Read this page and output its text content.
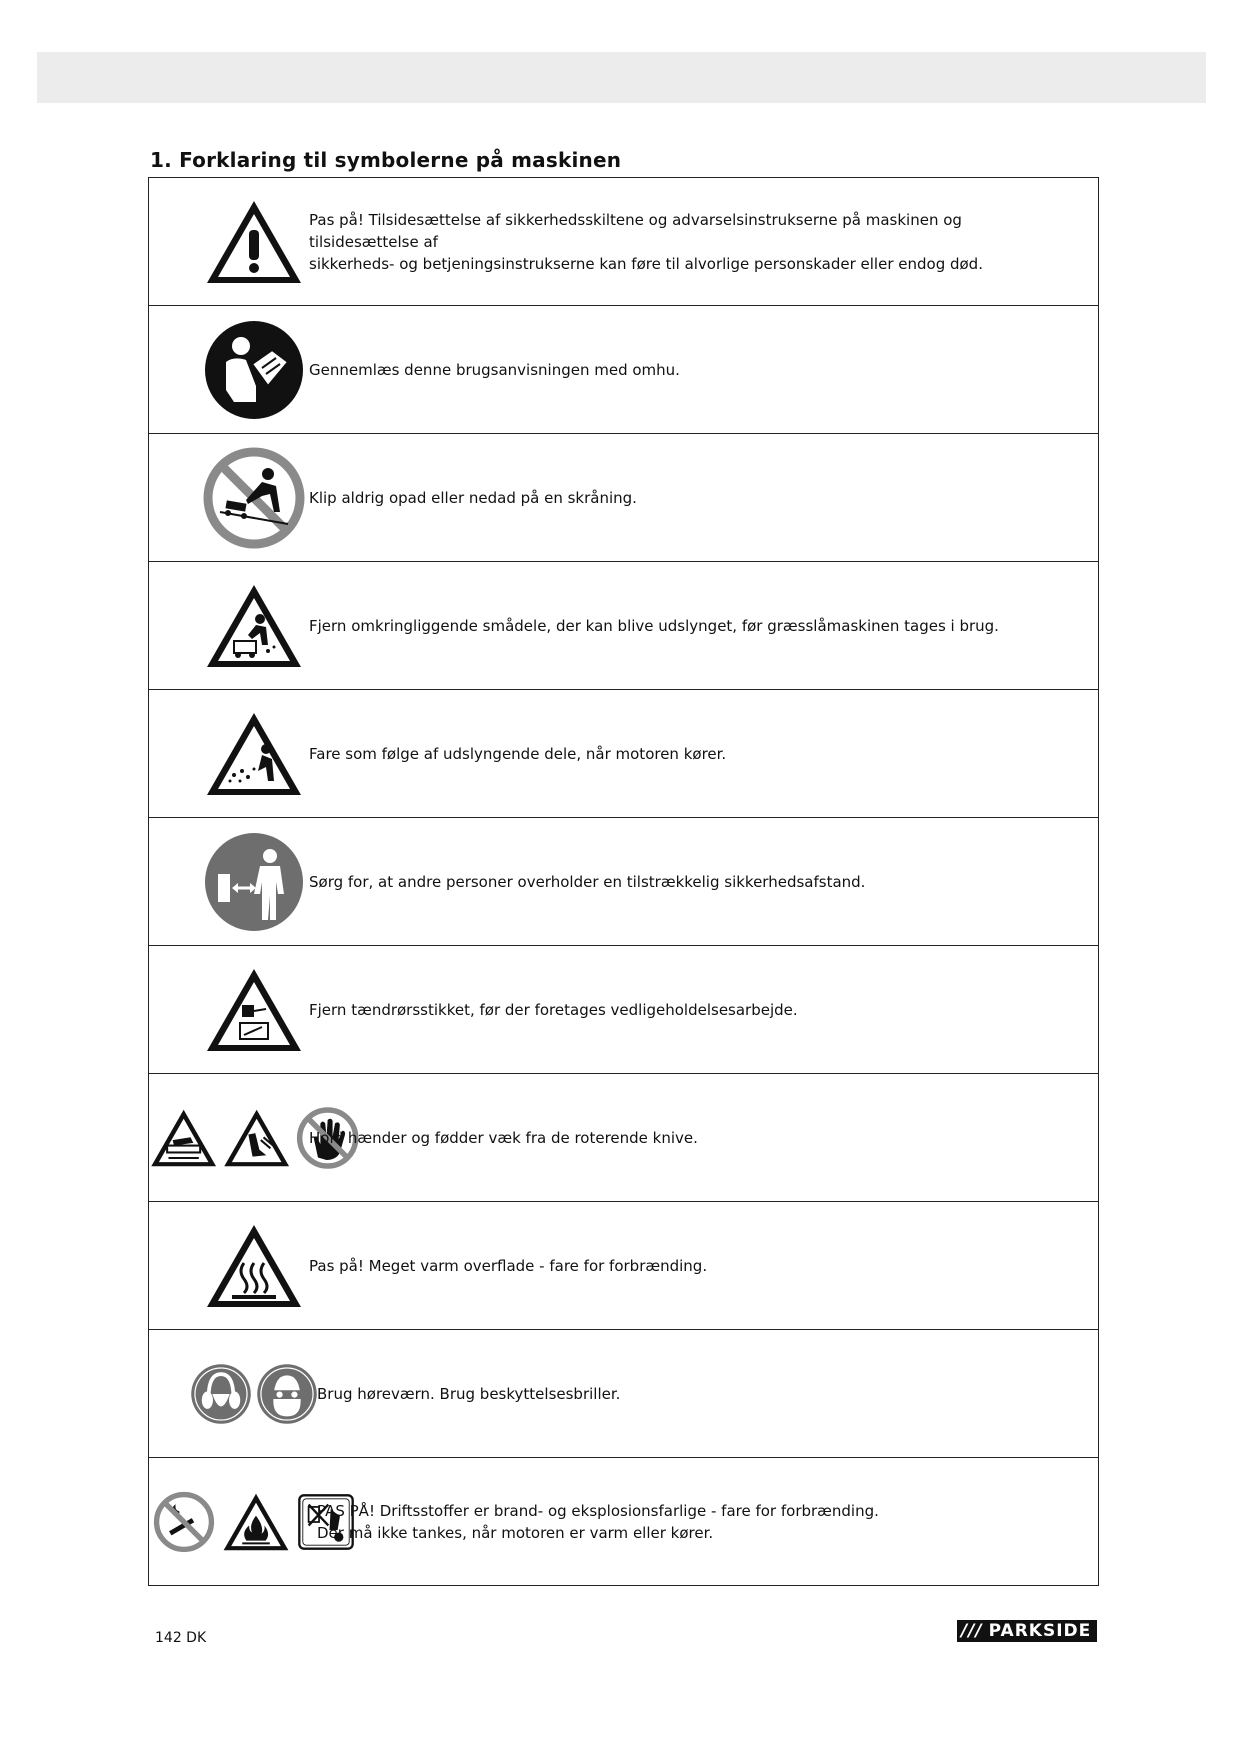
1. Forklaring til symbolerne på maskinen
Pas på! Tilsidesættelse af sikkerhedsskiltene og advarselsinstrukserne på maskinen og tilsidesættelse af
sikkerheds- og betjeningsinstrukserne kan føre til alvorlige personskader eller endog død.
Gennemlæs denne brugsanvisningen med omhu.
Klip aldrig opad eller nedad på en skråning.
Fjern omkringliggende smådele, der kan blive udslynget, før græsslåmaskinen tages i brug.
Fare som følge af udslyngende dele, når motoren kører.
Sørg for, at andre personer overholder en tilstrækkelig sikkerhedsafstand.
Fjern tændrørsstikket, før der foretages vedligeholdelsesarbejde.
Hold hænder og fødder væk fra de roterende knive.
Pas på! Meget varm overflade - fare for forbrænding.
Brug høreværn. Brug beskyttelsesbriller.
PAS PÅ! Driftsstoffer er brand- og eksplosionsfarlige - fare for forbrænding.
Der må ikke tankes, når motoren er varm eller kører.
142 DK	/// PARKSIDE
